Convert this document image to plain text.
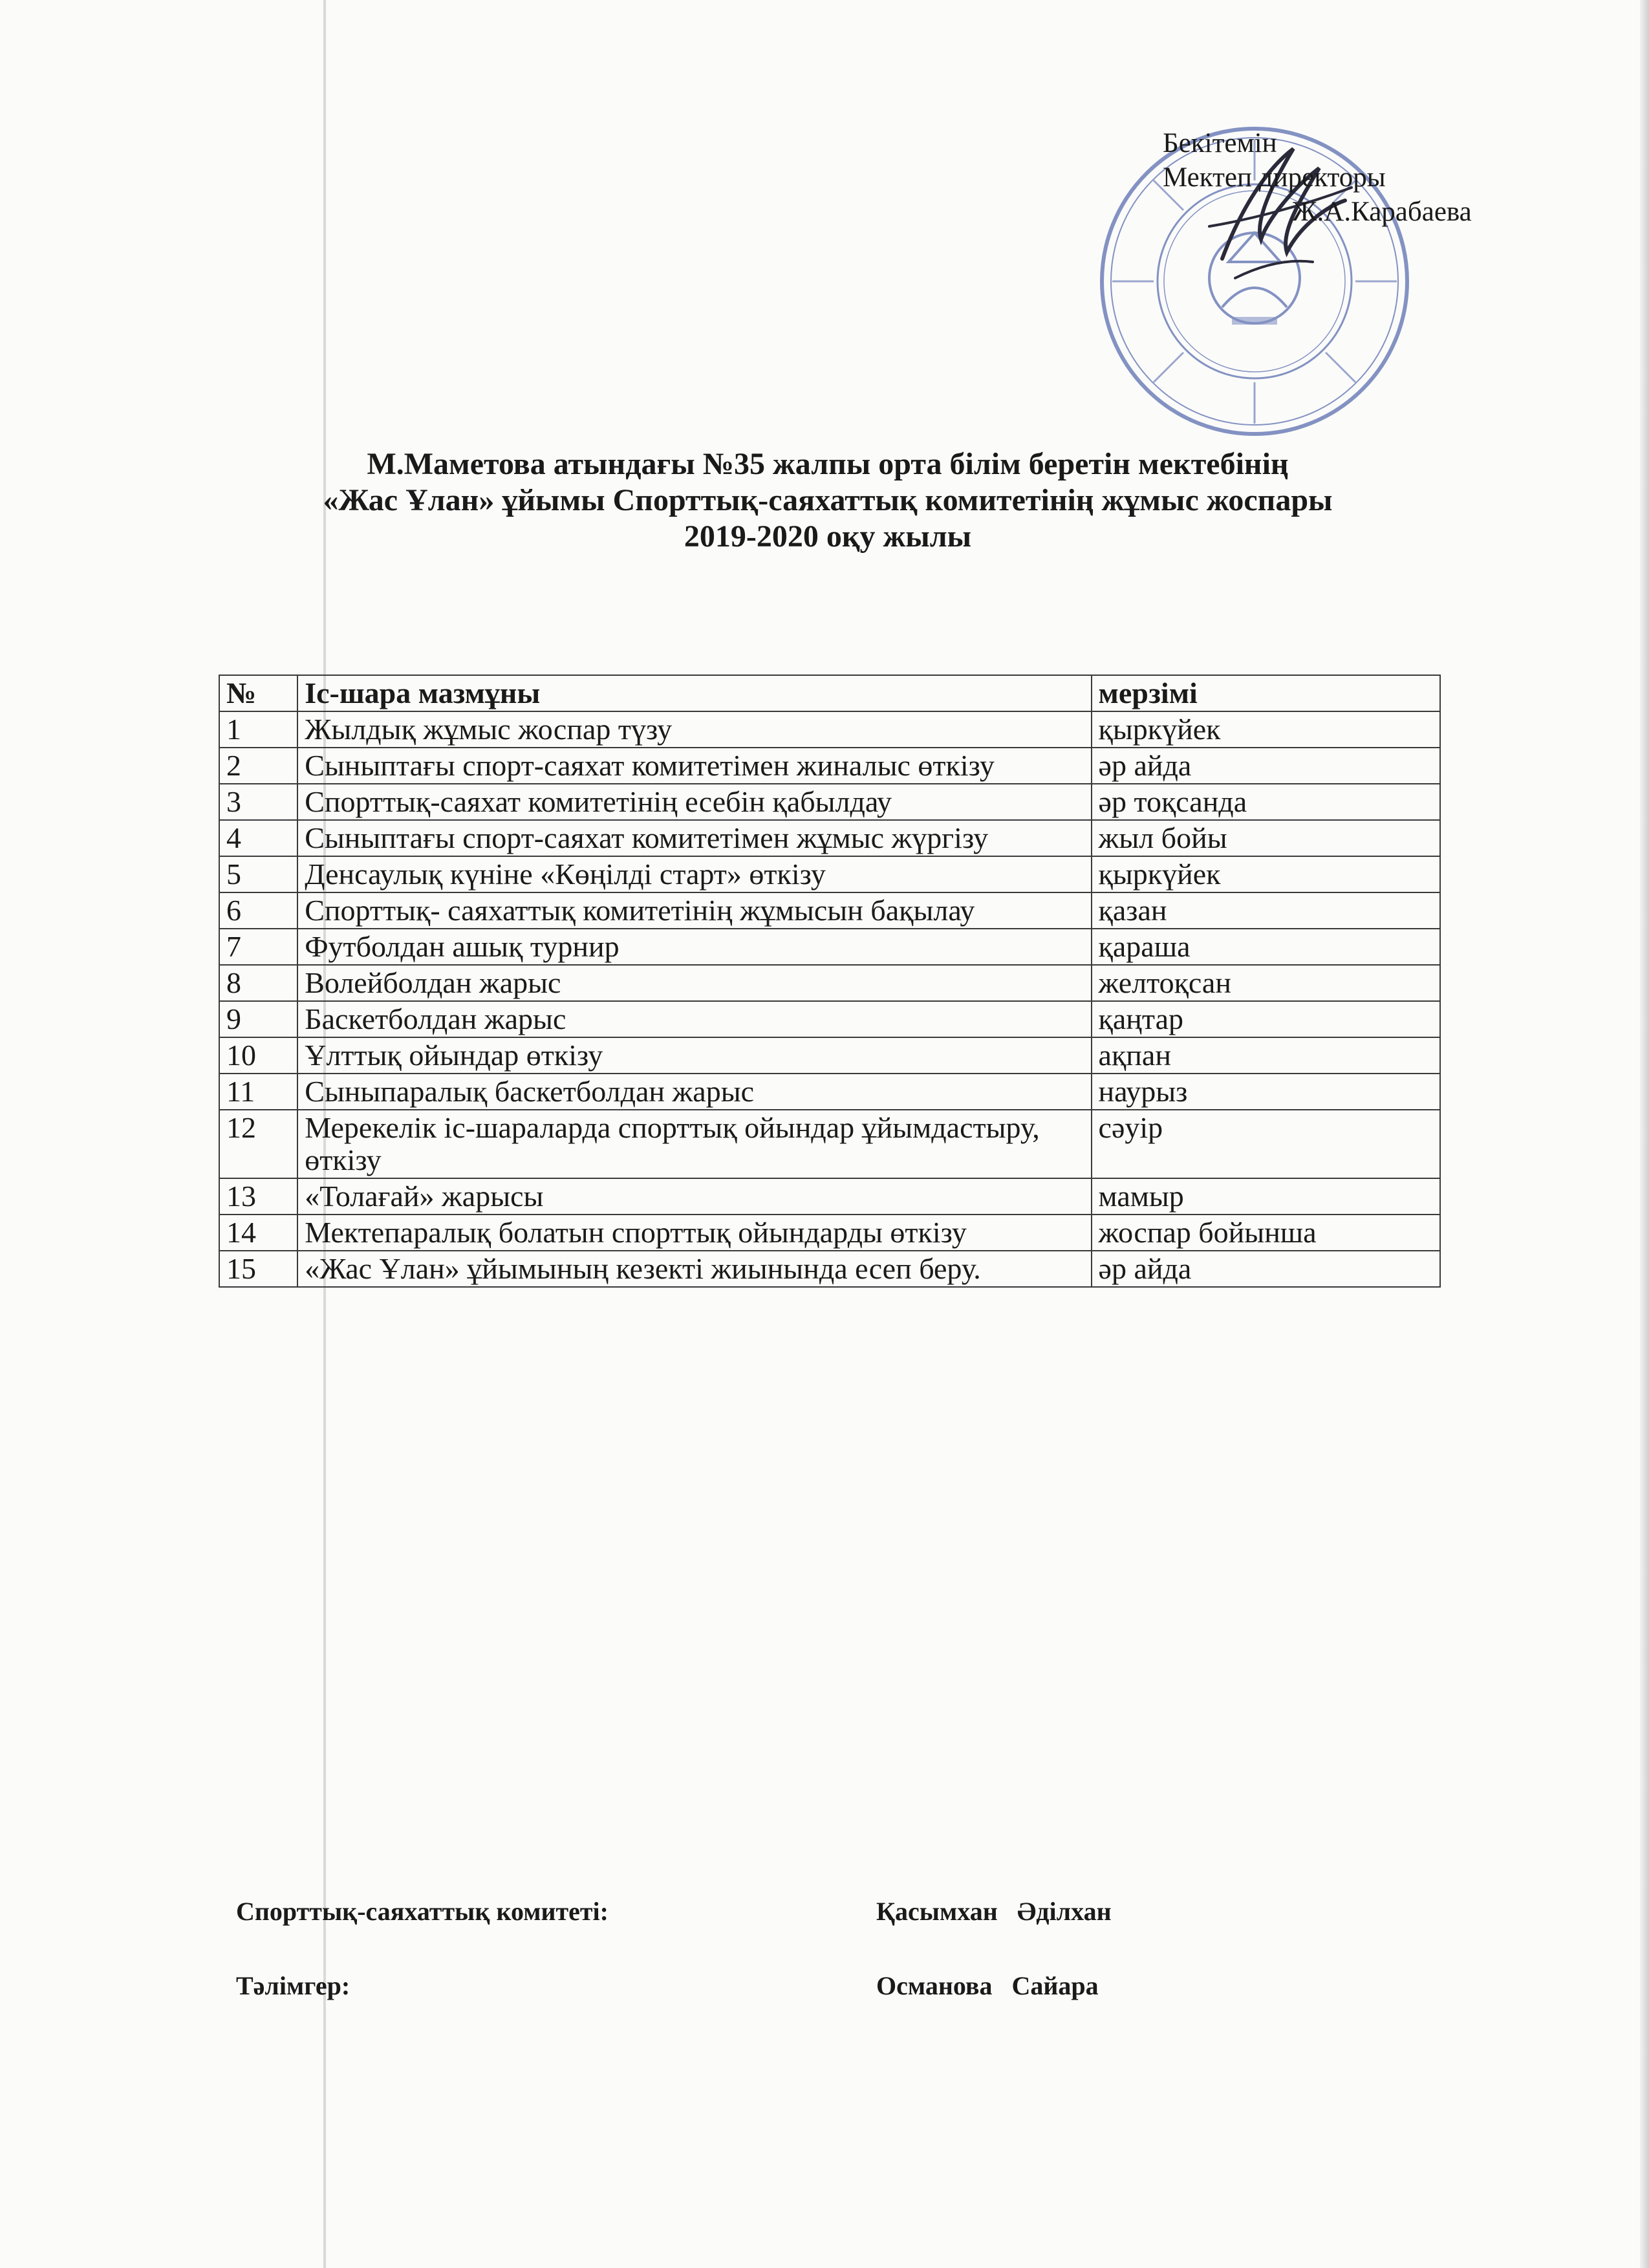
Бекітемін
Мектеп директоры
Ж.А.Карабаева
М.Маметова атындағы №35 жалпы орта білім беретін мектебінің
«Жас Ұлан» ұйымы Спорттық-саяхаттық комитетінің жұмыс жоспары
2019-2020 оқу жылы
№	Іс-шара мазмұны	мерзімі
1	Жылдық жұмыс жоспар түзу	қыркүйек
2	Сыныптағы спорт-саяхат комитетімен жиналыс өткізу	әр айда
3	Спорттық-саяхат комитетінің есебін қабылдау	әр тоқсанда
4	Сыныптағы спорт-саяхат комитетімен жұмыс жүргізу	жыл бойы
5	Денсаулық күніне «Көңілді старт» өткізу	қыркүйек
6	Спорттық- саяхаттық комитетінің жұмысын бақылау	қазан
7	Футболдан ашық турнир	қараша
8	Волейболдан жарыс	желтоқсан
9	Баскетболдан жарыс	қаңтар
10	Ұлттық ойындар өткізу	ақпан
11	Сыныпаралық баскетболдан жарыс	наурыз
12	Мерекелік іс-шараларда спорттық ойындар ұйымдастыру, өткізу	сәуір
13	«Толағай» жарысы	мамыр
14	Мектепаралық болатын спорттық ойындарды өткізу	жоспар бойынша
15	«Жас Ұлан» ұйымының кезекті жиынында есеп беру.	әр айда
Спорттық-саяхаттық комитеті:	Қасымхан Әділхан
Тәлімгер:	Османова Сайара
